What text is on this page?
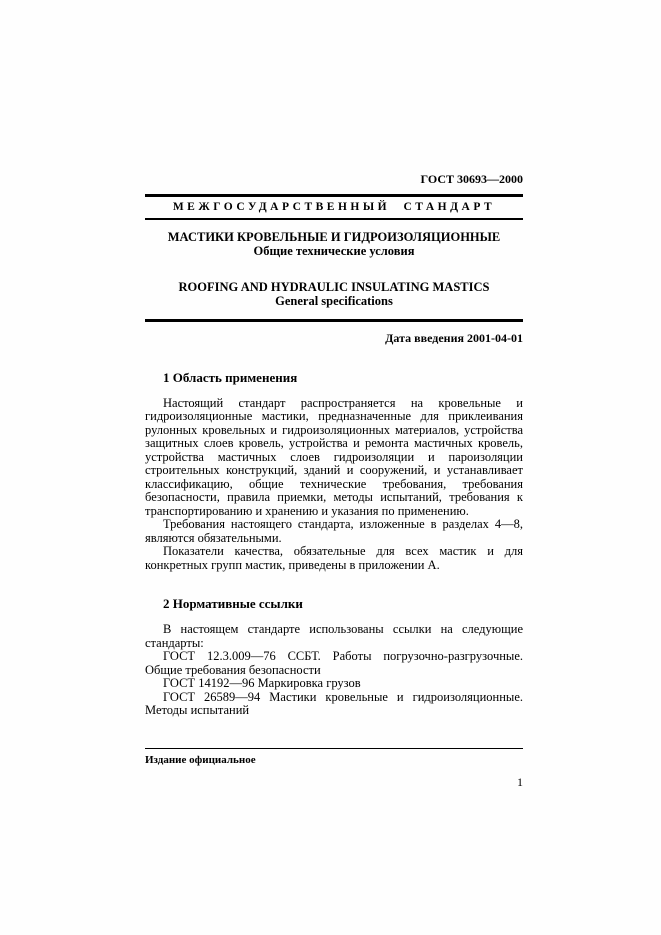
ГОСТ 30693—2000
МЕЖГОСУДАРСТВЕННЫЙ СТАНДАРТ
МАСТИКИ КРОВЕЛЬНЫЕ И ГИДРОИЗОЛЯЦИОННЫЕ
Общие технические условия
ROOFING AND HYDRAULIC INSULATING MASTICS
General specifications
Дата введения 2001-04-01
1 Область применения

Настоящий стандарт распространяется на кровельные и гидроизоляционные мастики, предназначенные для приклеивания рулонных кровельных и гидроизоляционных материалов, устройства защитных слоев кровель, устройства и ремонта мастичных кровель, устройства мастичных слоев гидроизоляции и пароизоляции строительных конструкций, зданий и сооружений, и устанавливает классификацию, общие технические требования, требования безопасности, правила приемки, методы испытаний, требования к транспортированию и хранению и указания по применению.

Требования настоящего стандарта, изложенные в разделах 4—8, являются обязательными.

Показатели качества, обязательные для всех мастик и для конкретных групп мастик, приведены в приложении А.

2 Нормативные ссылки

В настоящем стандарте использованы ссылки на следующие стандарты:

ГОСТ 12.3.009—76 ССБТ. Работы погрузочно-разгрузочные. Общие требования безопасности

ГОСТ 14192—96 Маркировка грузов

ГОСТ 26589—94 Мастики кровельные и гидроизоляционные. Методы испытаний

Издание официальное
1
